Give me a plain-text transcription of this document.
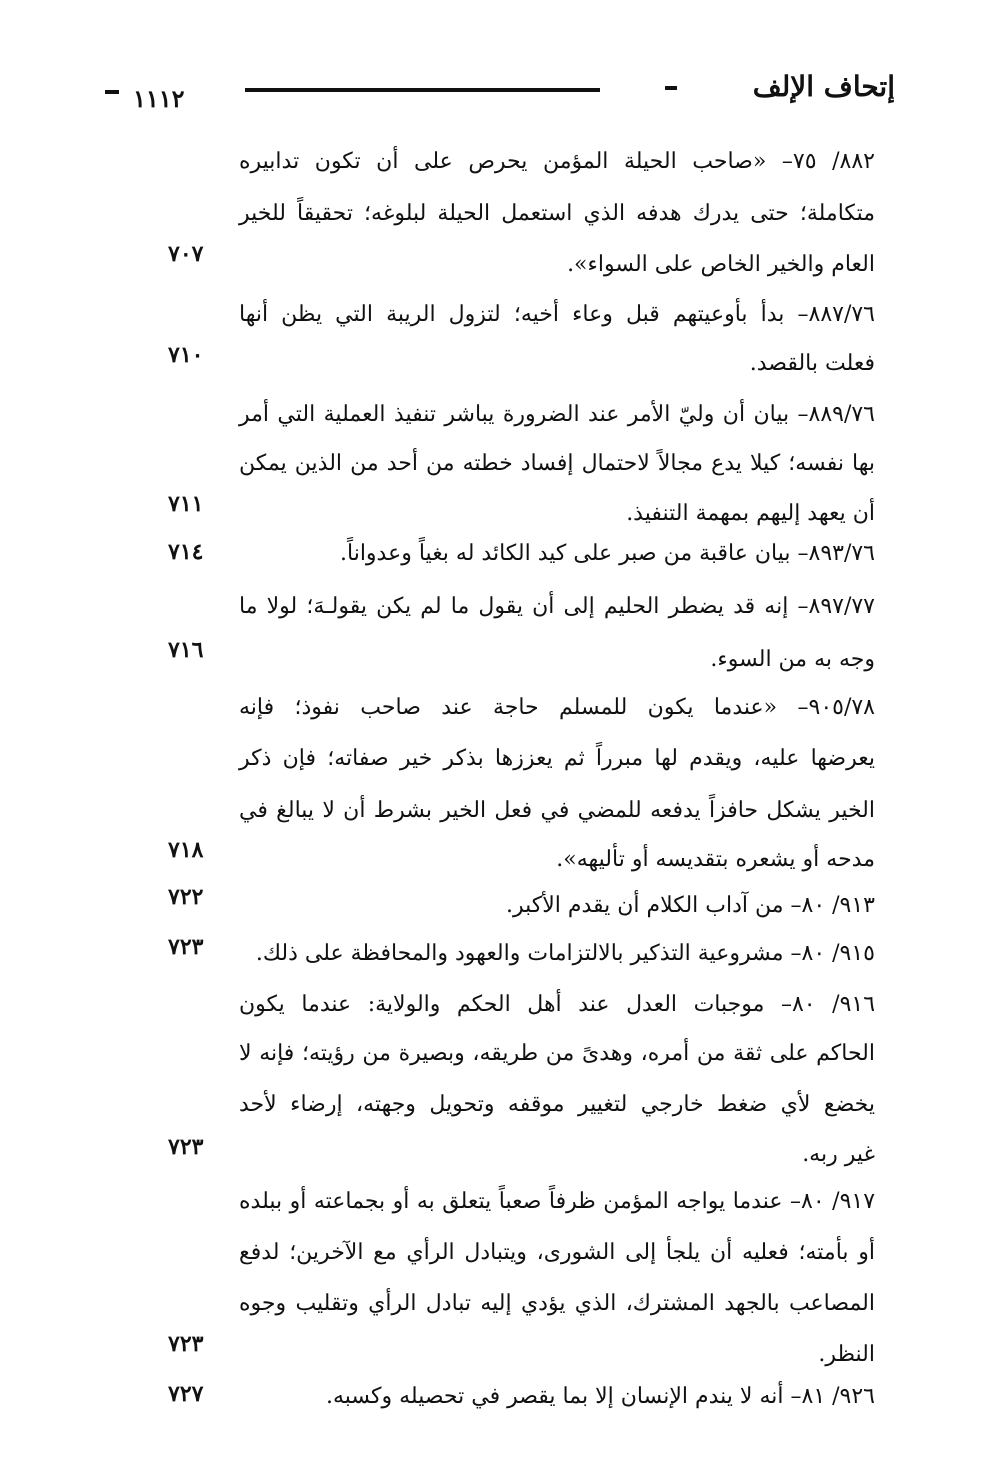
١١١٢	إتحاف الإلف
٨٨٢/ ٧٥– «صاحب الحيلة المؤمن يحرص على أن تكون تدابيره
متكاملة؛ حتى يدرك هدفه الذي استعمل الحيلة لبلوغه؛ تحقيقاً للخير
العام والخير الخاص على السواء».
٧٠٧
٨٨٧/٧٦– بدأ بأوعيتهم قبل وعاء أخيه؛ لتزول الريبة التي يظن أنها
فعلت بالقصد.
٧١٠
٨٨٩/٧٦– بيان أن وليّ الأمر عند الضرورة يباشر تنفيذ العملية التي أمر
بها نفسه؛ كيلا يدع مجالاً لاحتمال إفساد خطته من أحد من الذين يمكن
أن يعهد إليهم بمهمة التنفيذ.
٧١١
٨٩٣/٧٦– بيان عاقبة من صبر على كيد الكائد له بغياً وعدواناً.
٧١٤
٨٩٧/٧٧– إنه قد يضطر الحليم إلى أن يقول ما لم يكن يقولـهَ؛ لولا ما
وجه به من السوء.
٧١٦
٩٠٥/٧٨– «عندما يكون للمسلم حاجة عند صاحب نفوذ؛ فإنه
يعرضها عليه، ويقدم لها مبرراً ثم يعززها بذكر خير صفاته؛ فإن ذكر
الخير يشكل حافزاً يدفعه للمضي في فعل الخير بشرط أن لا يبالغ في
مدحه أو يشعره بتقديسه أو تأليهه».
٧١٨
٩١٣/ ٨٠– من آداب الكلام أن يقدم الأكبر.
٧٢٢
٩١٥/ ٨٠– مشروعية التذكير بالالتزامات والعهود والمحافظة على ذلك.
٧٢٣
٩١٦/ ٨٠– موجبات العدل عند أهل الحكم والولاية: عندما يكون
الحاكم على ثقة من أمره، وهدىً من طريقه، وبصيرة من رؤيته؛ فإنه لا
يخضع لأي ضغط خارجي لتغيير موقفه وتحويل وجهته، إرضاء لأحد
غير ربه.
٧٢٣
٩١٧/ ٨٠– عندما يواجه المؤمن ظرفاً صعباً يتعلق به أو بجماعته أو ببلده
أو بأمته؛ فعليه أن يلجأ إلى الشورى، ويتبادل الرأي مع الآخرين؛ لدفع
المصاعب بالجهد المشترك، الذي يؤدي إليه تبادل الرأي وتقليب وجوه
النظر.
٧٢٣
٩٢٦/ ٨١– أنه لا يندم الإنسان إلا بما يقصر في تحصيله وكسبه.
٧٢٧
